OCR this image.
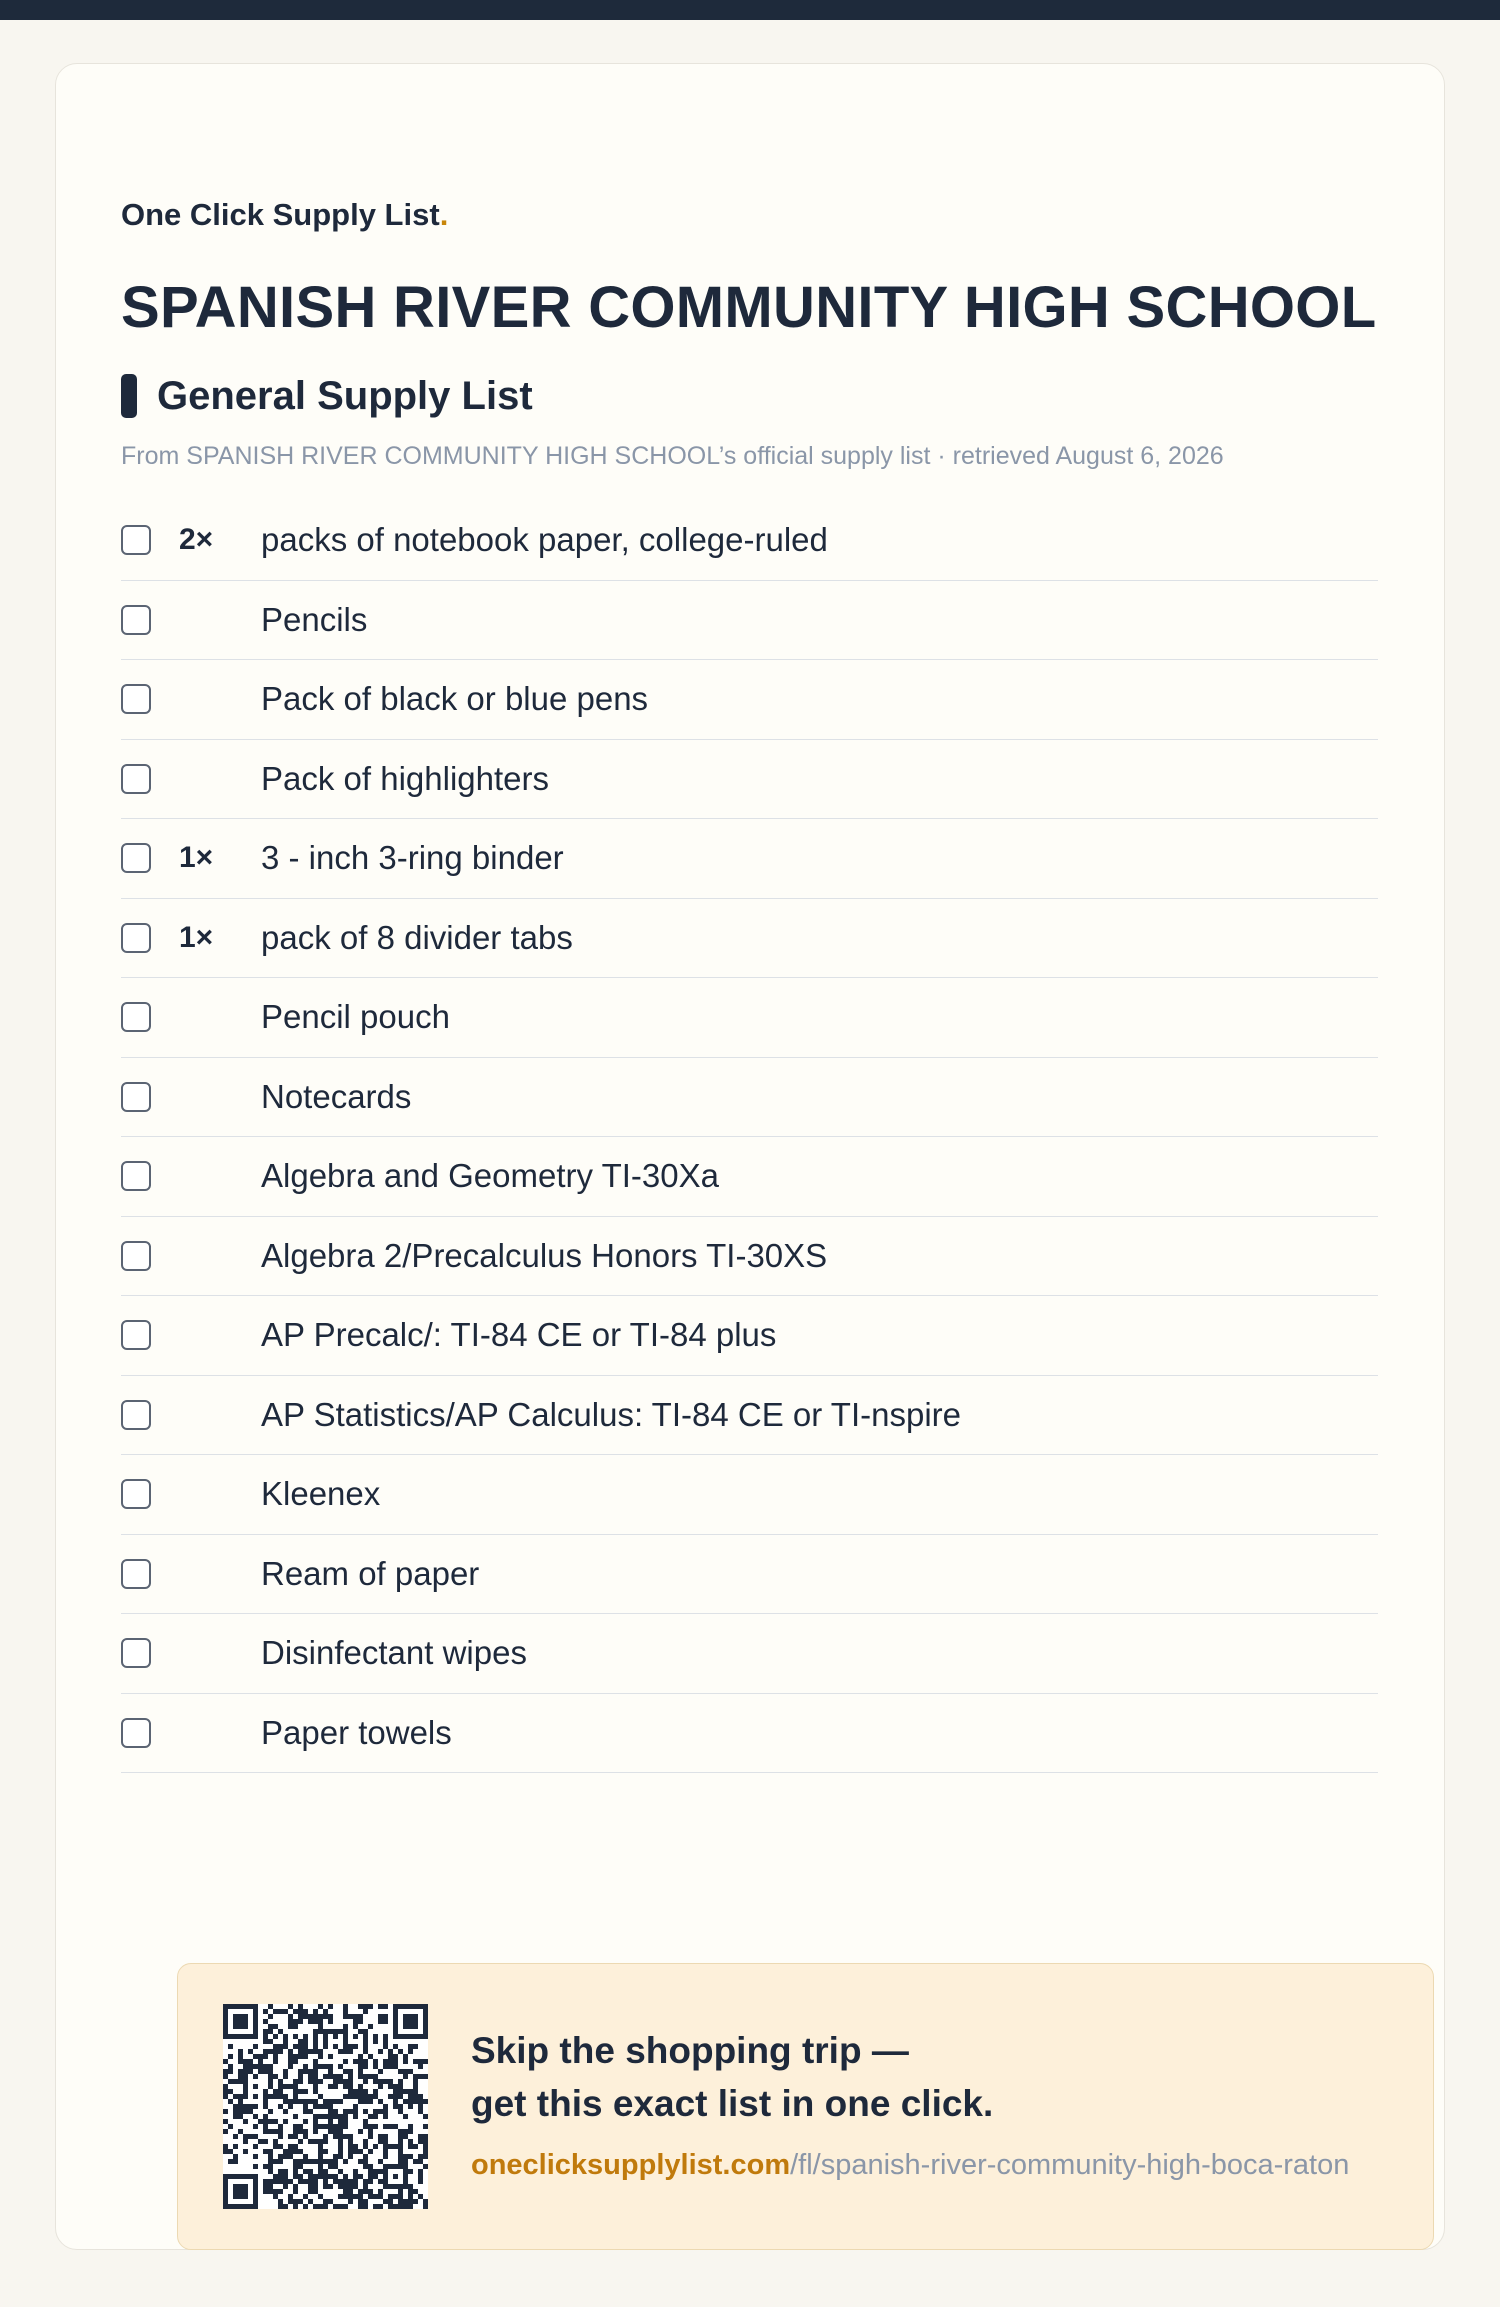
One Click Supply List.
SPANISH RIVER COMMUNITY HIGH SCHOOL
General Supply List
From SPANISH RIVER COMMUNITY HIGH SCHOOL’s official supply list · retrieved August 6, 2026
2×	packs of notebook paper, college-ruled
Pencils
Pack of black or blue pens
Pack of highlighters
1×	3 - inch 3-ring binder
1×	pack of 8 divider tabs
Pencil pouch
Notecards
Algebra and Geometry TI-30Xa
Algebra 2/Precalculus Honors TI-30XS
AP Precalc/: TI-84 CE or TI-84 plus
AP Statistics/AP Calculus: TI-84 CE or TI-nspire
Kleenex
Ream of paper
Disinfectant wipes
Paper towels
Skip the shopping trip —
get this exact list in one click.
oneclicksupplylist.com/fl/spanish-river-community-high-boca-raton
